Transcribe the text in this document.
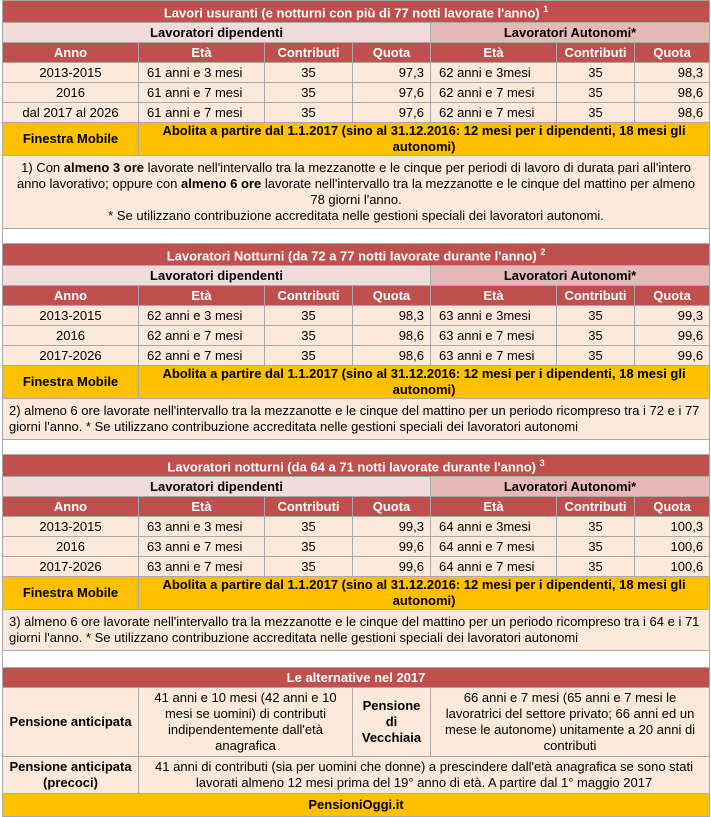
Lavori usuranti (e notturni con più di 77 notti lavorate l'anno) $^1$
Lavoratori dipendenti				Lavoratori Autonomi*		
Anno	Età	Contributi	Quota	Età	Contributi	Quota
2013-2015	61 anni e 3 mesi	35	97,3	62 anni e 3mesi	35	98,3
2016	61 anni e 7 mesi	35	97,6	62 anni e 7 mesi	35	98,6
dal 2017 al 2026	61 anni e 7 mesi	35	97,6	62 anni e 7 mesi	35	98,6
Finestra Mobile	Abolita a partire dal 1.1.2017 (sino al 31.12.2016: 12 mesi per i dipendenti, 18 mesi gli autonomi)					
1) Con almeno 3 ore lavorate nell'intervallo tra la mezzanotte e le cinque per periodi di lavoro di durata pari all'intero anno lavorativo; oppure con almeno 6 ore lavorate nell'intervallo tra la mezzanotte e le cinque del mattino per almeno 78 giorni l'anno.
* Se utilizzano contribuzione accreditata nelle gestioni speciali dei lavoratori autonomi.						

Lavoratori Notturni (da 72 a 77 notti lavorate durante l'anno) $^2$
Lavoratori dipendenti				Lavoratori Autonomi*		
Anno	Età	Contributi	Quota	Età	Contributi	Quota
2013-2015	62 anni e 3 mesi	35	98,3	63 anni e 3mesi	35	99,3
2016	62 anni e 7 mesi	35	98,6	63 anni e 7 mesi	35	99,6
2017-2026	62 anni e 7 mesi	35	98,6	63 anni e 7 mesi	35	99,6
Finestra Mobile	Abolita a partire dal 1.1.2017 (sino al 31.12.2016: 12 mesi per i dipendenti, 18 mesi gli autonomi)					
2) almeno 6 ore lavorate nell'intervallo tra la mezzanotte e le cinque del mattino per un periodo ricompreso tra i 72 e i 77 giorni l'anno. * Se utilizzano contribuzione accreditata nelle gestioni speciali dei lavoratori autonomi						

Lavoratori notturni (da 64 a 71 notti lavorate durante l'anno) $^3$
Lavoratori dipendenti				Lavoratori Autonomi*		
Anno	Età	Contributi	Quota	Età	Contributi	Quota
2013-2015	63 anni e 3 mesi	35	99,3	64 anni e 3mesi	35	100,3
2016	63 anni e 7 mesi	35	99,6	64 anni e 7 mesi	35	100,6
2017-2026	63 anni e 7 mesi	35	99,6	64 anni e 7 mesi	35	100,6
Finestra Mobile	Abolita a partire dal 1.1.2017 (sino al 31.12.2016: 12 mesi per i dipendenti, 18 mesi gli autonomi)					
3) almeno 6 ore lavorate nell'intervallo tra la mezzanotte e le cinque del mattino per un periodo ricompreso tra i 64 e i 71 giorni l'anno. * Se utilizzano contribuzione accreditata nelle gestioni speciali dei lavoratori autonomi						

Le alternative nel 2017						
Pensione anticipata	41 anni e 10 mesi (42 anni e 10 mesi se uomini) di contributi indipendentemente dall'età anagrafica		Pensione di Vecchiaia	66 anni e 7 mesi (65 anni e 7 mesi le lavoratrici del settore privato; 66 anni ed un mese le autonome) unitamente a 20 anni di contributi		
Pensione anticipata (precoci)	41 anni di contributi (sia per uomini che donne) a prescindere dall'età anagrafica se sono stati lavorati almeno 12 mesi prima del 19° anno di età. A partire dal 1° maggio 2017					
PensioniOggi.it						
